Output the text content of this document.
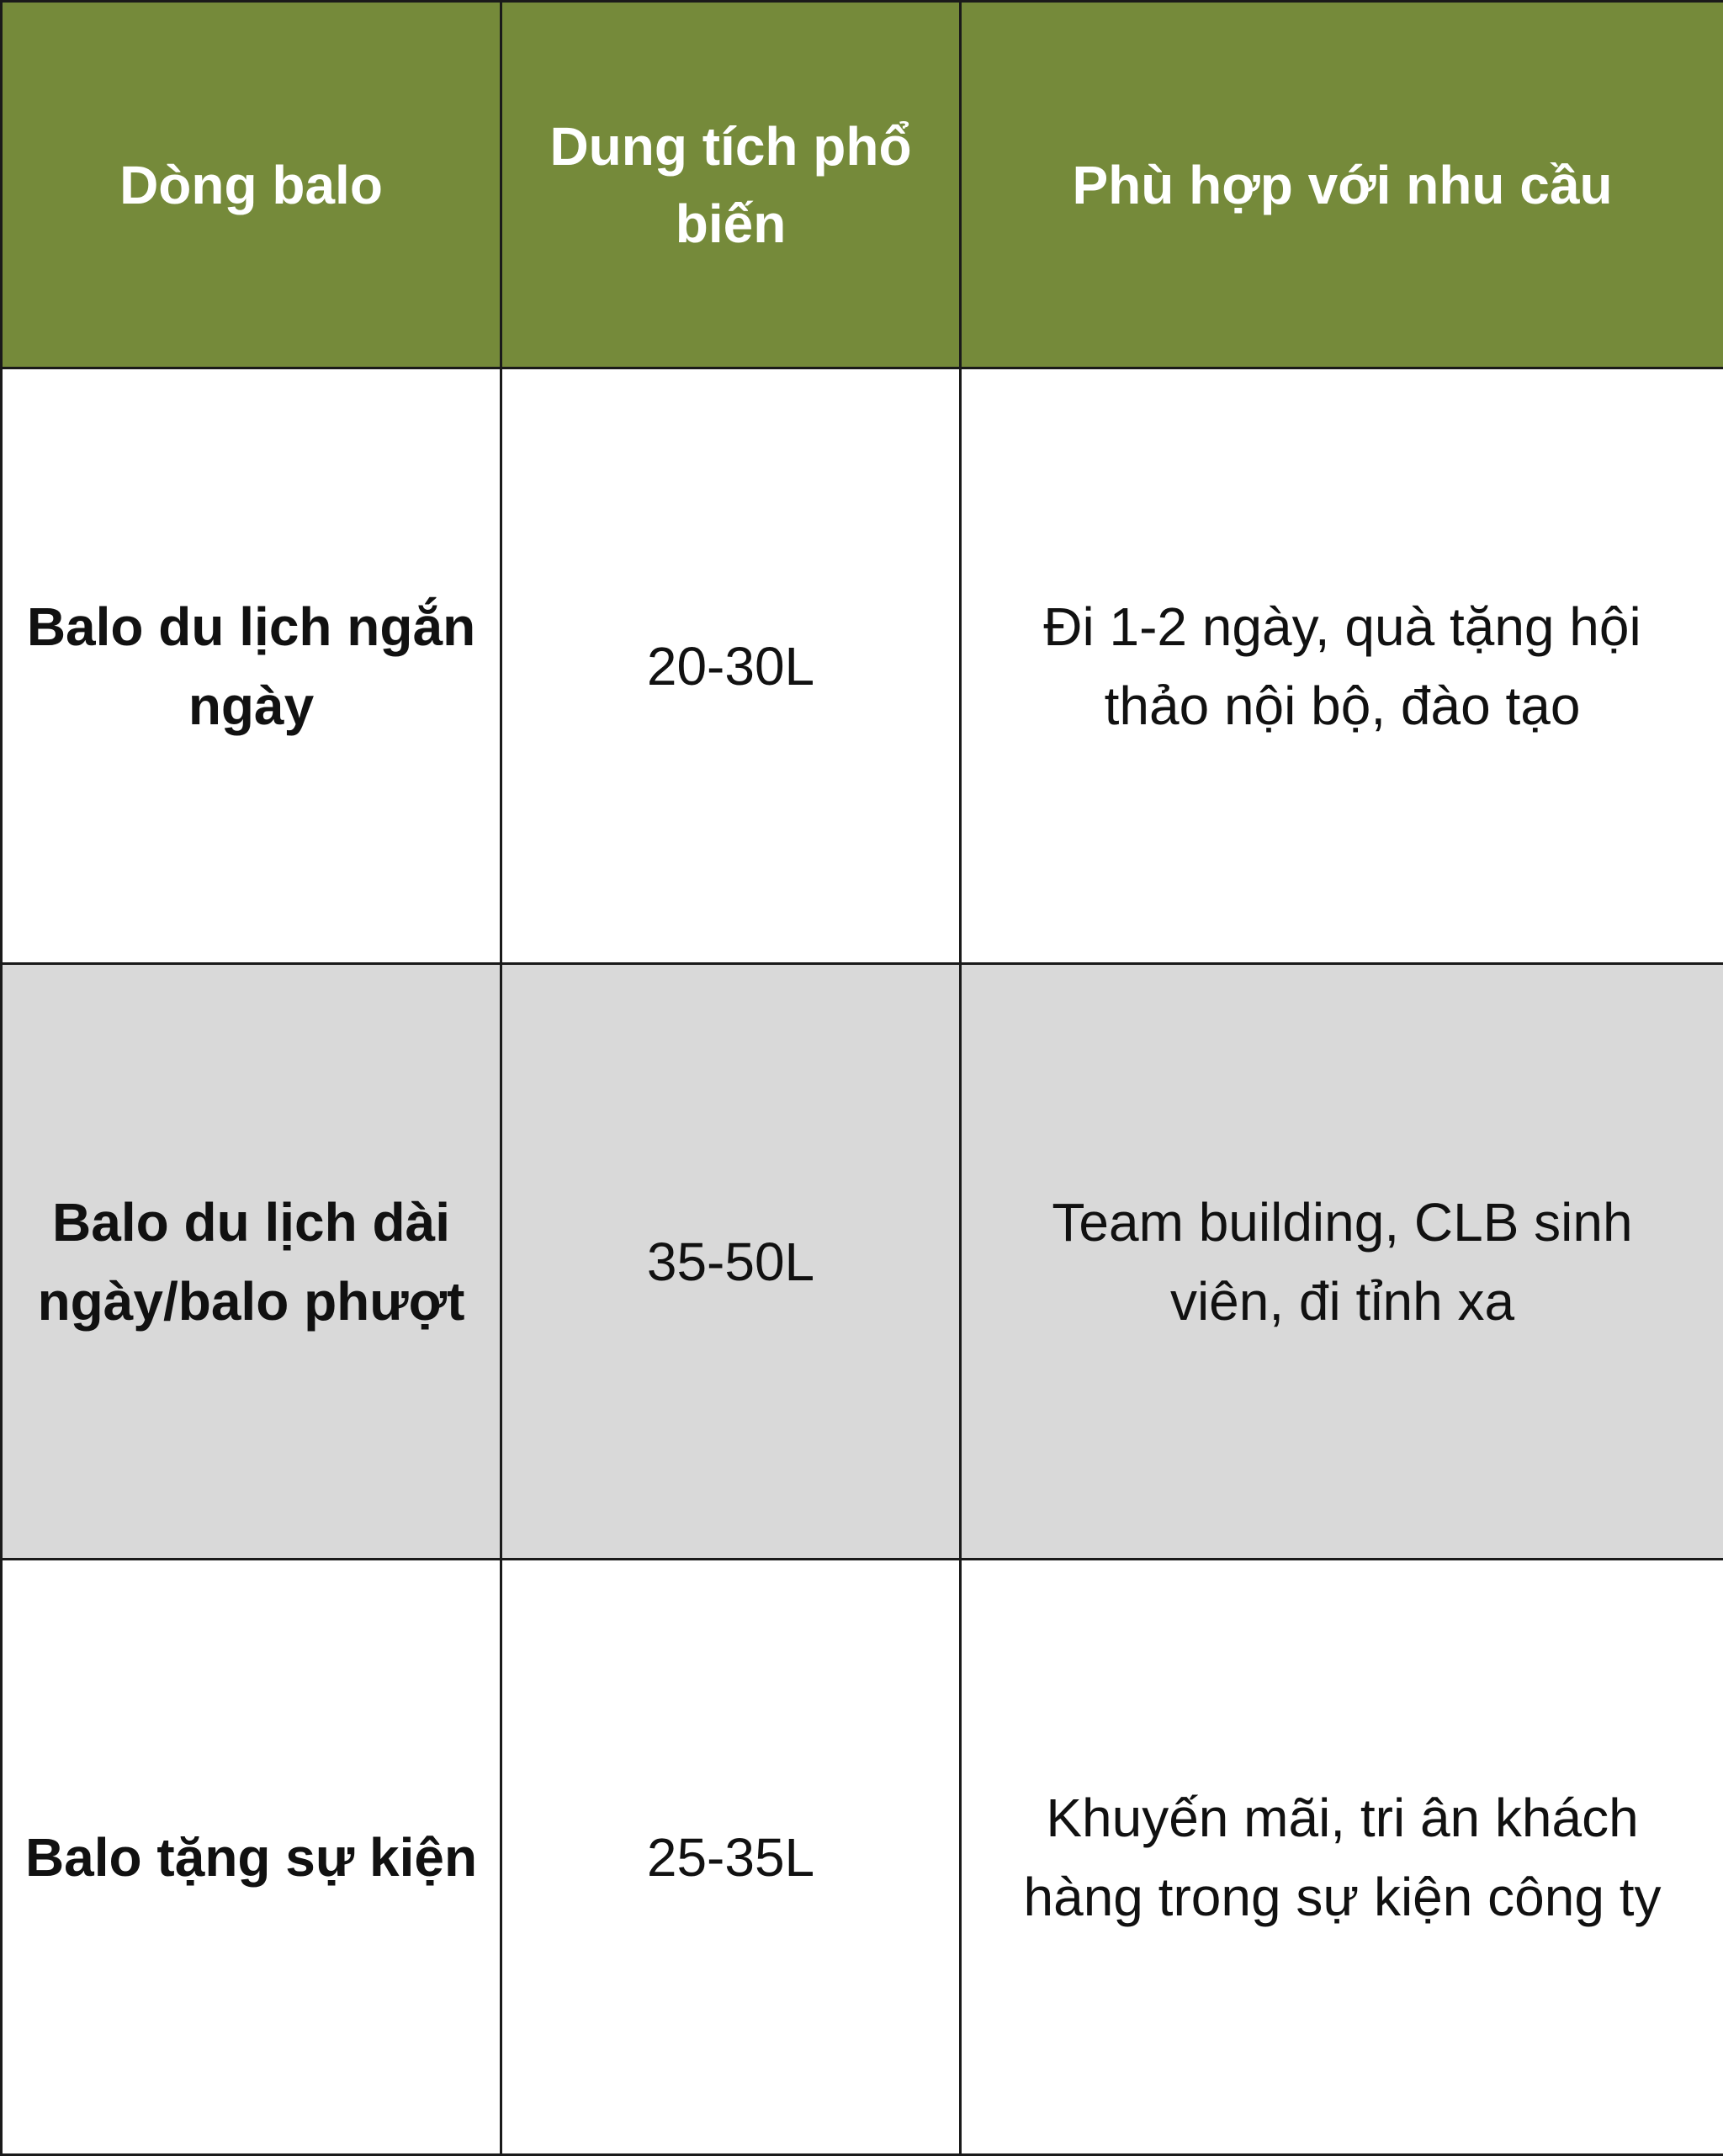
Dòng balo	Dung tích phổ biến	Phù hợp với nhu cầu
Balo du lịch ngắn ngày	20-30L	Đi 1-2 ngày, quà tặng hội thảo nội bộ, đào tạo
Balo du lịch dài ngày/balo phượt	35-50L	Team building, CLB sinh viên, đi tỉnh xa
Balo tặng sự kiện	25-35L	Khuyến mãi, tri ân khách hàng trong sự kiện công ty
